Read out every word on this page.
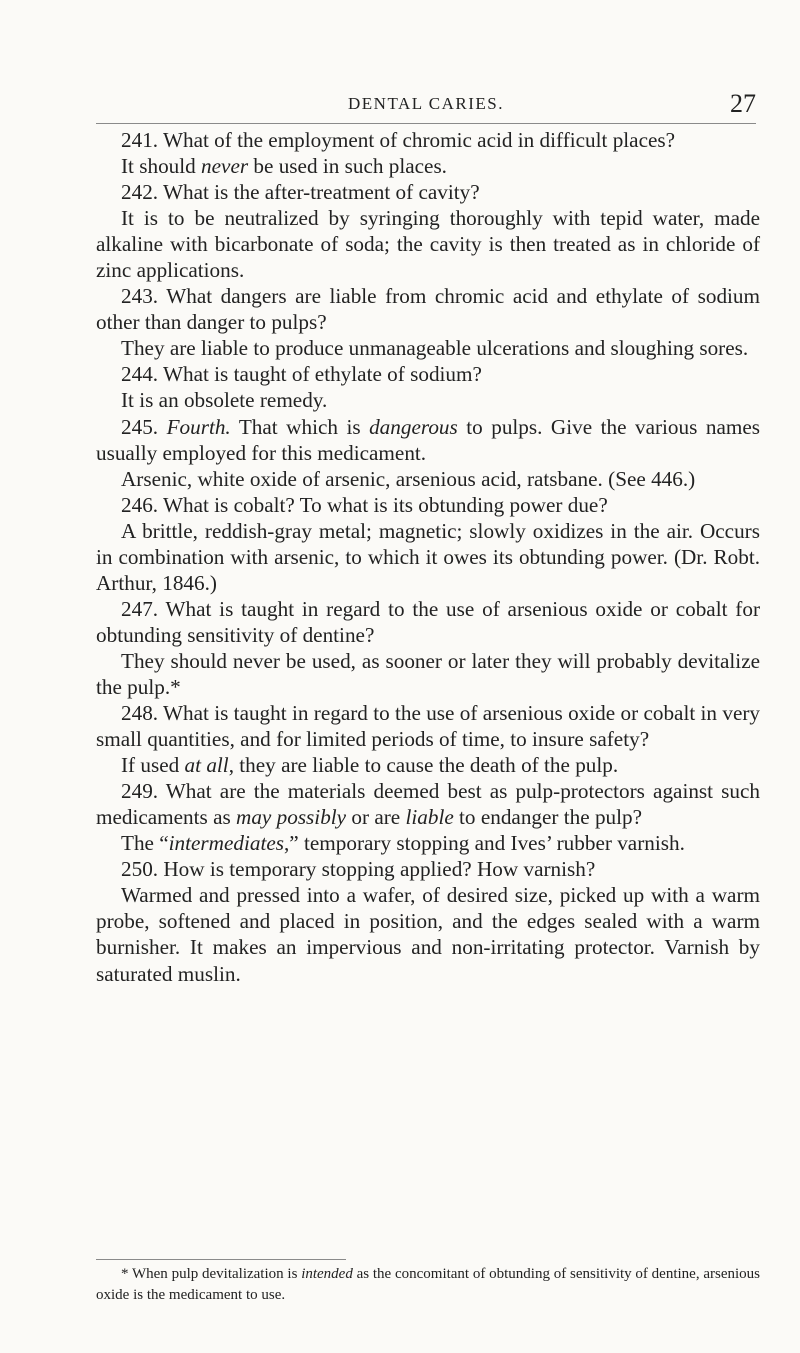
DENTAL CARIES.	27

241. What of the employment of chromic acid in difficult places?

It should never be used in such places.

242. What is the after-treatment of cavity?

It is to be neutralized by syringing thoroughly with tepid water, made alkaline with bicarbonate of soda; the cavity is then treated as in chloride of zinc applications.

243. What dangers are liable from chromic acid and ethylate of sodium other than danger to pulps?

They are liable to produce unmanageable ulcerations and sloughing sores.

244. What is taught of ethylate of sodium?

It is an obsolete remedy.

245. Fourth. That which is dangerous to pulps. Give the various names usually employed for this medicament.

Arsenic, white oxide of arsenic, arsenious acid, ratsbane. (See 446.)

246. What is cobalt? To what is its obtunding power due?

A brittle, reddish-gray metal; magnetic; slowly oxidizes in the air. Occurs in combination with arsenic, to which it owes its obtunding power. (Dr. Robt. Arthur, 1846.)

247. What is taught in regard to the use of arsenious oxide or cobalt for obtunding sensitivity of dentine?

They should never be used, as sooner or later they will probably devitalize the pulp.*

248. What is taught in regard to the use of arsenious oxide or cobalt in very small quantities, and for limited periods of time, to insure safety?

If used at all, they are liable to cause the death of the pulp.

249. What are the materials deemed best as pulp-protectors against such medicaments as may possibly or are liable to endanger the pulp?

The “intermediates,” temporary stopping and Ives’ rubber varnish.

250. How is temporary stopping applied? How varnish?

Warmed and pressed into a wafer, of desired size, picked up with a warm probe, softened and placed in position, and the edges sealed with a warm burnisher. It makes an impervious and non-irritating protector. Varnish by saturated muslin.

* When pulp devitalization is intended as the concomitant of obtunding of sensitivity of dentine, arsenious oxide is the medicament to use.
